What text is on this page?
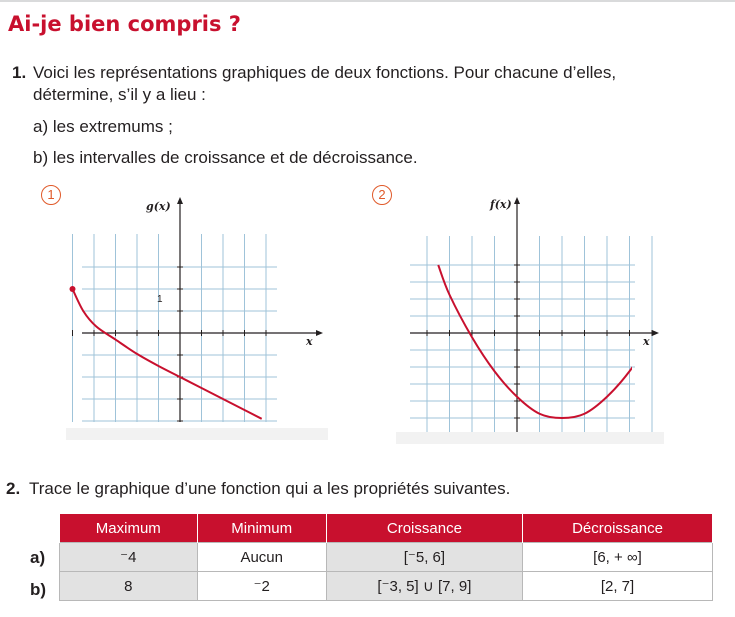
Ai-je bien compris ?
1. Voici les représentations graphiques de deux fonctions. Pour chacune d’elles,
détermine, s’il y a lieu :
a) les extremums ;
b) les intervalles de croissance et de décroissance.
1	2
g(x)
x
1
f(x)
x
2. Trace le graphique d’une fonction qui a les propriétés suivantes.
a)
b)
Maximum	Minimum	Croissance	Décroissance
⁻4	Aucun	[⁻5, 6]	[6, + ∞]
8	⁻2	[⁻3, 5] ∪ [7, 9]	[2, 7]
